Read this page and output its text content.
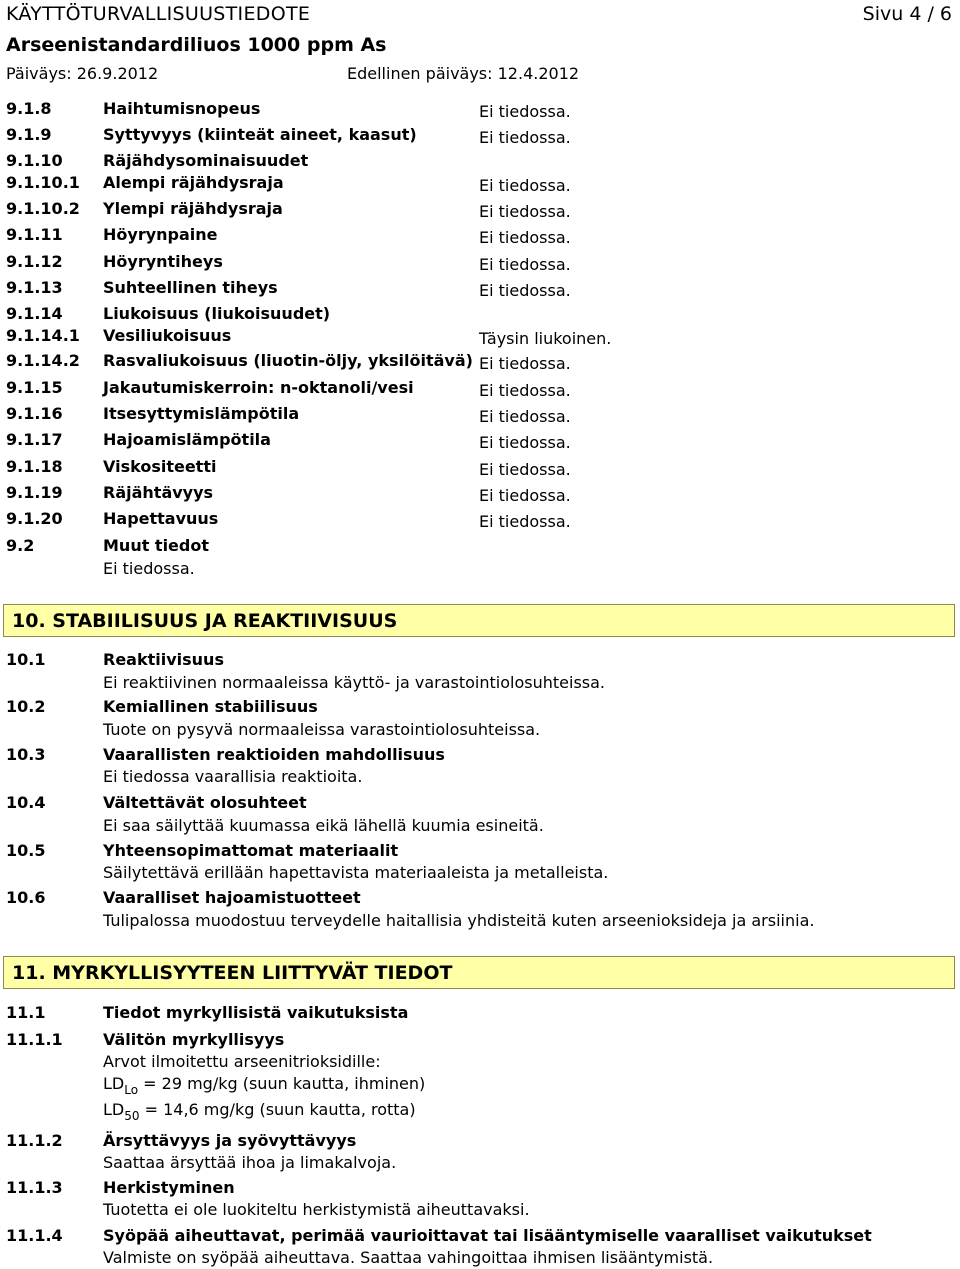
KÄYTTÖTURVALLISUUSTIEDOTE	Sivu 4 / 6
Arseenistandardiliuos 1000 ppm As
Päiväys: 26.9.2012	Edellinen päiväys: 12.4.2012
9.1.8	Haihtumisnopeus	Ei tiedossa.
9.1.9	Syttyvyys (kiinteät aineet, kaasut)	Ei tiedossa.
9.1.10	Räjähdysominaisuudet
9.1.10.1 Alempi räjähdysraja	Ei tiedossa.
9.1.10.2 Ylempi räjähdysraja	Ei tiedossa.
9.1.11	Höyrynpaine	Ei tiedossa.
9.1.12	Höyryntiheys	Ei tiedossa.
9.1.13	Suhteellinen tiheys	Ei tiedossa.
9.1.14	Liukoisuus (liukoisuudet)
9.1.14.1 Vesiliukoisuus	Täysin liukoinen.
9.1.14.2 Rasvaliukoisuus (liuotin-öljy, yksilöitävä) Ei tiedossa.
9.1.15	Jakautumiskerroin: n-oktanoli/vesi	Ei tiedossa.
9.1.16	Itsesyttymislämpötila	Ei tiedossa.
9.1.17	Hajoamislämpötila	Ei tiedossa.
9.1.18	Viskositeetti	Ei tiedossa.
9.1.19	Räjähtävyys	Ei tiedossa.
9.1.20	Hapettavuus	Ei tiedossa.
9.2	Muut tiedot
Ei tiedossa.
10. STABIILISUUS JA REAKTIIVISUUS
10.1	Reaktiivisuus
Ei reaktiivinen normaaleissa käyttö- ja varastointiolosuhteissa.
10.2	Kemiallinen stabiilisuus
Tuote on pysyvä normaaleissa varastointiolosuhteissa.
10.3	Vaarallisten reaktioiden mahdollisuus
Ei tiedossa vaarallisia reaktioita.
10.4	Vältettävät olosuhteet
Ei saa säilyttää kuumassa eikä lähellä kuumia esineitä.
10.5	Yhteensopimattomat materiaalit
Säilytettävä erillään hapettavista materiaaleista ja metalleista.
10.6	Vaaralliset hajoamistuotteet
Tulipalossa muodostuu terveydelle haitallisia yhdisteitä kuten arseenioksideja ja arsiinia.
11. MYRKYLLISYYTEEN LIITTYVÄT TIEDOT
11.1	Tiedot myrkyllisistä vaikutuksista
11.1.1	Välitön myrkyllisyys
Arvot ilmoitettu arseenitrioksidille:
$LD_{Lo} = 29$ mg/kg (suun kautta, ihminen)
$LD_{50} = 14,6$ mg/kg (suun kautta, rotta)
11.1.2	Ärsyttävyys ja syövyttävyys
Saattaa ärsyttää ihoa ja limakalvoja.
11.1.3	Herkistyminen
Tuotetta ei ole luokiteltu herkistymistä aiheuttavaksi.
11.1.4	Syöpää aiheuttavat, perimää vaurioittavat tai lisääntymiselle vaaralliset vaikutukset
Valmiste on syöpää aiheuttava. Saattaa vahingoittaa ihmisen lisääntymistä.
